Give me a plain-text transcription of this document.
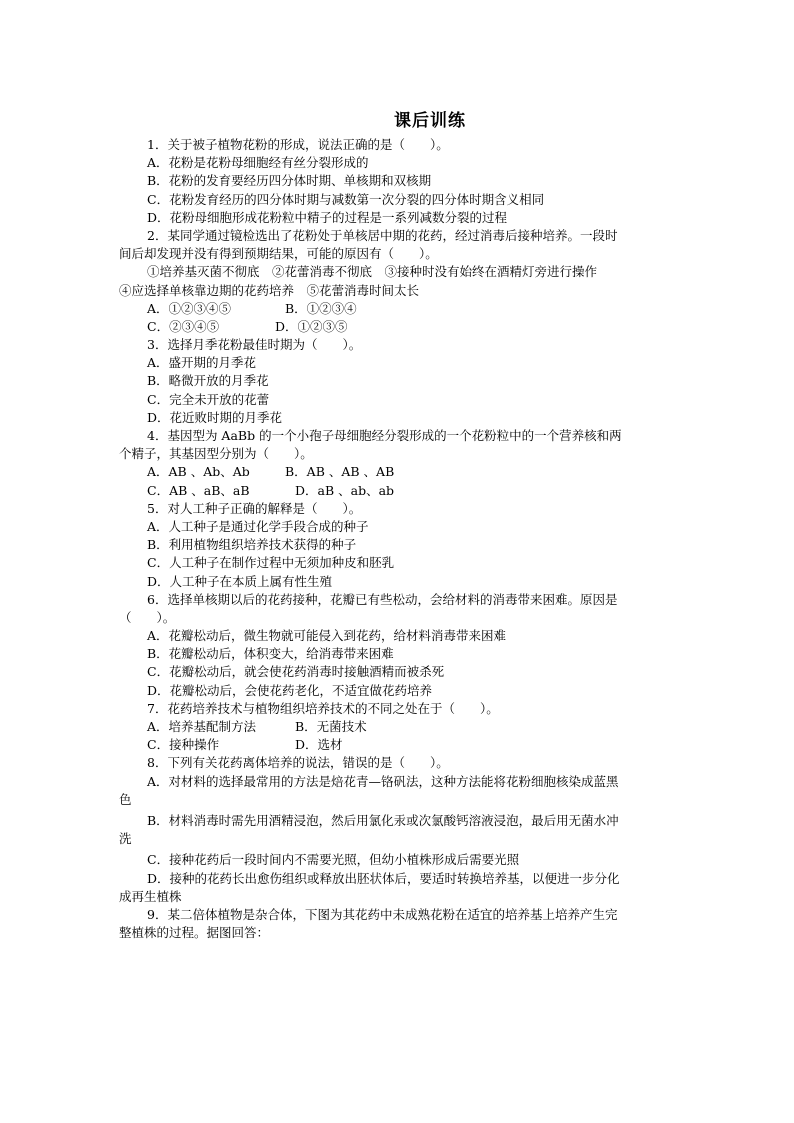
课后训练
1．关于被子植物花粉的形成，说法正确的是（　　）。
A．花粉是花粉母细胞经有丝分裂形成的
B．花粉的发育要经历四分体时期、单核期和双核期
C．花粉发育经历的四分体时期与减数第一次分裂的四分体时期含义相同
D．花粉母细胞形成花粉粒中精子的过程是一系列减数分裂的过程
2．某同学通过镜检选出了花粉处于单核居中期的花药，经过消毒后接种培养。一段时
间后却发现并没有得到预期结果，可能的原因有（　　）。
①培养基灭菌不彻底　②花蕾消毒不彻底　③接种时没有始终在酒精灯旁进行操作
④应选择单核靠边期的花药培养　⑤花蕾消毒时间太长
A．①②③④⑤	B．①②③④
C．②③④⑤	D．①②③⑤
3．选择月季花粉最佳时期为（　　）。
A．盛开期的月季花
B．略微开放的月季花
C．完全未开放的花蕾
D．花近败时期的月季花
4．基因型为 AaBb 的一个小孢子母细胞经分裂形成的一个花粉粒中的一个营养核和两
个精子，其基因型分别为（　　）。
A．AB 、Ab、Ab	B．AB 、AB 、AB
C．AB 、aB、aB	D．aB 、ab、ab
5．对人工种子正确的解释是（　　）。
A．人工种子是通过化学手段合成的种子
B．利用植物组织培养技术获得的种子
C．人工种子在制作过程中无须加种皮和胚乳
D．人工种子在本质上属有性生殖
6．选择单核期以后的花药接种，花瓣已有些松动，会给材料的消毒带来困难。原因是
（　　）。
A．花瓣松动后，微生物就可能侵入到花药，给材料消毒带来困难
B．花瓣松动后，体积变大，给消毒带来困难
C．花瓣松动后，就会使花药消毒时接触酒精而被杀死
D．花瓣松动后，会使花药老化，不适宜做花药培养
7．花药培养技术与植物组织培养技术的不同之处在于（　　）。
A．培养基配制方法	B．无菌技术
C．接种操作	D．选材
8．下列有关花药离体培养的说法，错误的是（　　）。
A．对材料的选择最常用的方法是焙花青—铬矾法，这种方法能将花粉细胞核染成蓝黑
色
B．材料消毒时需先用酒精浸泡，然后用氯化汞或次氯酸钙溶液浸泡，最后用无菌水冲
洗
C．接种花药后一段时间内不需要光照，但幼小植株形成后需要光照
D．接种的花药长出愈伤组织或释放出胚状体后，要适时转换培养基，以便进一步分化
成再生植株
9．某二倍体植物是杂合体，下图为其花药中未成熟花粉在适宜的培养基上培养产生完
整植株的过程。据图回答：
